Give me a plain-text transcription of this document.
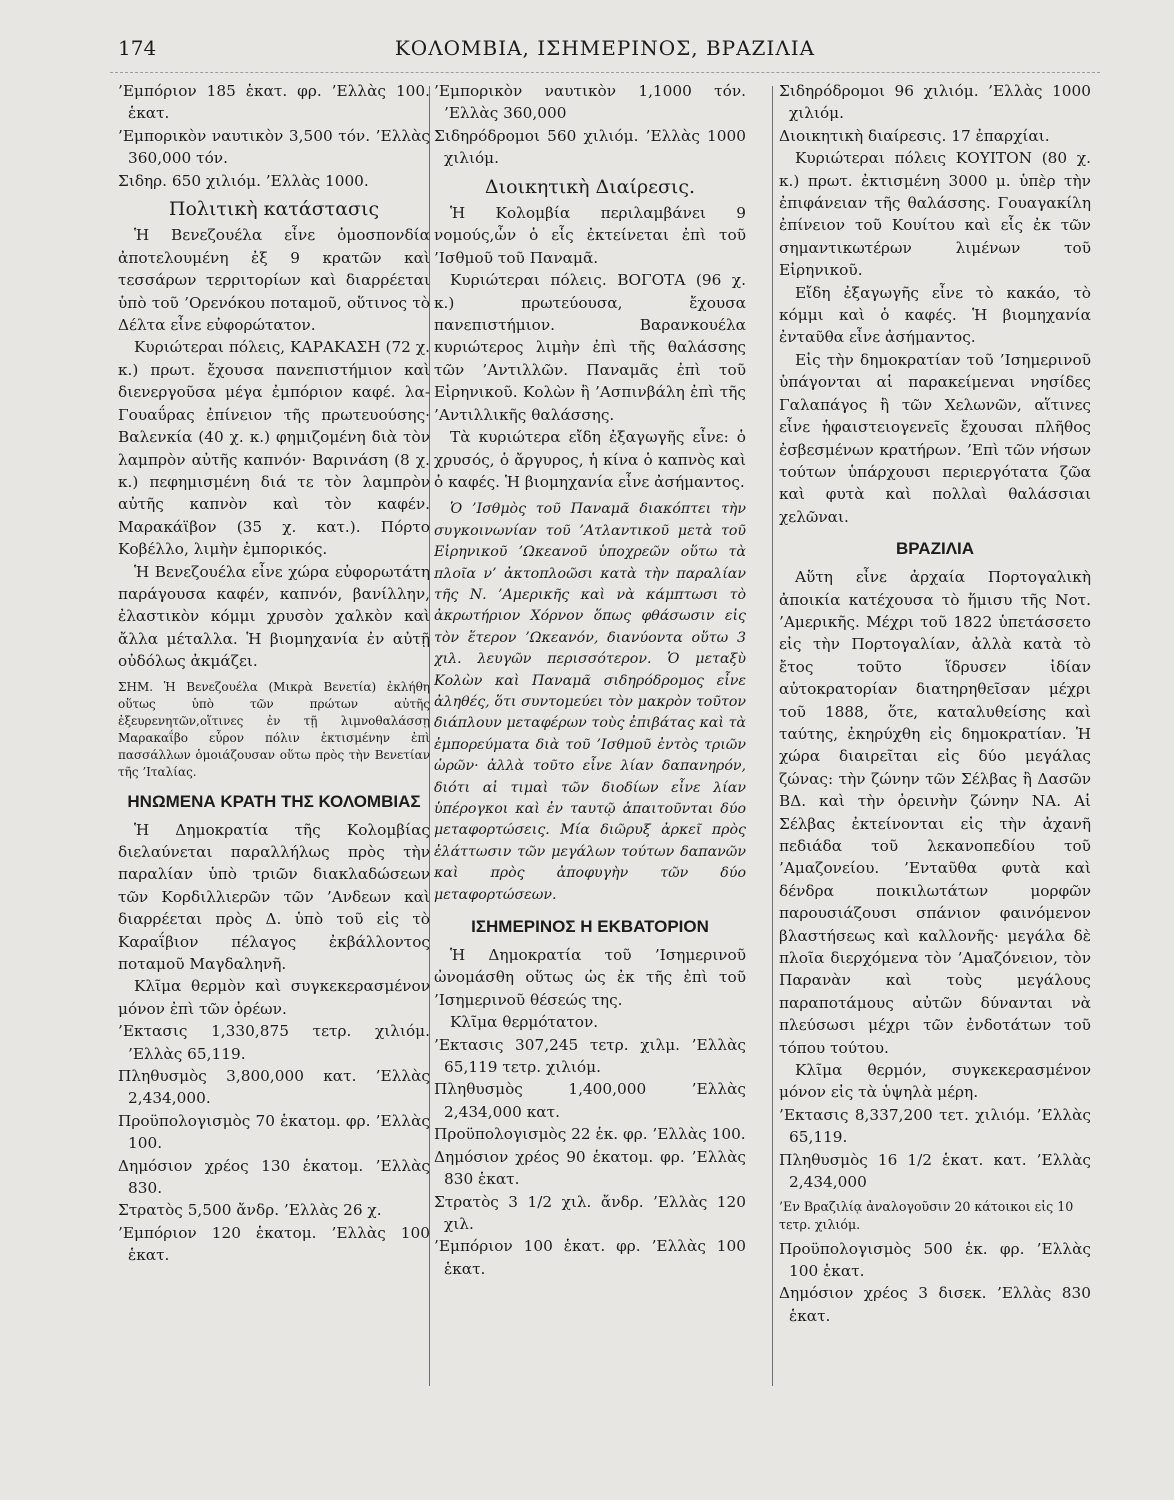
174	ΚΟΛΟΜΒΙΑ, ΙΣΗΜΕΡΙΝΟΣ, ΒΡΑΖΙΛΙΑ

’Εμπόριον 185 ἑκατ. φρ. ’Ελλὰς 100. ἑκατ.

’Εμπορικὸν ναυτικὸν 3,500 τόν. ’Ελλὰς 360,000 τόν.

Σιδηρ. 650 χιλιόμ. ’Ελλὰς 1000.

Πολιτικὴ κατάστασις

Ἡ Βενεζουέλα εἶνε ὁμοσπονδία ἀποτελουμένη ἐξ 9 κρατῶν καὶ τεσσάρων τερριτορίων καὶ διαρρέεται ὑπὸ τοῦ ’Ορενόκου ποταμοῦ, οὕτινος τὸ Δέλτα εἶνε εὐφορώτατον.

Κυριώτεραι πόλεις, ΚΑΡΑΚΑΣΗ (72 χ. κ.) πρωτ. ἔχουσα πανεπιστήμιον καὶ διενεργοῦσα μέγα ἐμπόριον καφέ. λα-Γουαΰρας ἐπίνειον τῆς πρωτευούσης· Βαλενκία (40 χ. κ.) φημιζομένη διὰ τὸν λαμπρὸν αὐτῆς καπνόν· Βαρινάση (8 χ. κ.) πεφημισμένη διά τε τὸν λαμπρὸν αὐτῆς καπνὸν καὶ τὸν καφέν. Μαρακάϊβον (35 χ. κατ.). Πόρτο Κοβέλλο, λιμὴν ἐμπορικός.

Ἡ Βενεζουέλα εἶνε χώρα εὐφορωτάτη παράγουσα καφέν, καπνόν, βανίλλην, ἐλαστικὸν κόμμι χρυσὸν χαλκὸν καὶ ἄλλα μέταλλα. Ἡ βιομηχανία ἐν αὐτῇ οὐδόλως ἀκμάζει.

ΣΗΜ. Ἡ Βενεζουέλα (Μικρὰ Βενετία) ἐκλήθη οὕτως ὑπὸ τῶν πρώτων αὐτῆς ἐξευρενητῶν,οἵτινες ἐν τῇ λιμνοθαλάσσῃ Μαρακαΐβο εὗρον πόλιν ἐκτισμένην ἐπὶ πασσάλλων ὁμοιάζουσαν οὕτω πρὸς τὴν Βενετίαν τῆς ’Ιταλίας.
ΗΝΩΜΕΝΑ ΚΡΑΤΗ ΤΗΣ ΚΟΛΟΜΒΙΑΣ

Ἡ Δημοκρατία τῆς Κολομβίας διελαύνεται παραλλήλως πρὸς τὴν παραλίαν ὑπὸ τριῶν διακλαδώσεων τῶν Κορδιλλιερῶν τῶν ’Ανδεων καὶ διαρρέεται πρὸς Δ. ὑπὸ τοῦ εἰς τὸ Καραΐβιον πέλαγος ἐκβάλλοντος ποταμοῦ Μαγδαληνῆ.

Κλῖμα θερμὸν καὶ συγκεκερασμένον μόνον ἐπὶ τῶν ὀρέων.

’Εκτασις 1,330,875 τετρ. χιλιόμ. ’Ελλὰς 65,119.

Πληθυσμὸς 3,800,000 κατ. ’Ελλὰς 2,434,000.

Προϋπολογισμὸς 70 ἑκατομ. φρ. ’Ελλὰς 100.

Δημόσιον χρέος 130 ἑκατομ. ’Ελλὰς 830.

Στρατὸς 5,500 ἄνδρ. ’Ελλὰς 26 χ.

’Εμπόριον 120 ἑκατομ. ’Ελλὰς 100 ἑκατ.

’Εμπορικὸν ναυτικὸν 1,1000 τόν. ’Ελλὰς 360,000

Σιδηρόδρομοι 560 χιλιόμ. ’Ελλὰς 1000 χιλιόμ.

Διοικητικὴ Διαίρεσις.

Ἡ Κολομβία περιλαμβάνει 9 νομούς,ὧν ὁ εἷς ἐκτείνεται ἐπὶ τοῦ ’Ισθμοῦ τοῦ Παναμᾶ.

Κυριώτεραι πόλεις. ΒΟΓΟΤΑ (96 χ. κ.) πρωτεύουσα, ἔχουσα πανεπιστήμιον. Βαρανκουέλα κυριώτερος λιμὴν ἐπὶ τῆς θαλάσσης τῶν ’Αντιλλῶν. Παναμᾶς ἐπὶ τοῦ Εἰρηνικοῦ. Κολὼν ἢ ’Ασπινβάλη ἐπὶ τῆς ’Αντιλλικῆς θαλάσσης.

Τὰ κυριώτερα εἴδη ἐξαγωγῆς εἶνε: ὁ χρυσός, ὁ ἄργυρος, ἡ κίνα ὁ καπνὸς καὶ ὁ καφές. Ἡ βιομηχανία εἶνε ἀσήμαντος.

Ὁ ’Ισθμὸς τοῦ Παναμᾶ διακόπτει τὴν συγκοινωνίαν τοῦ ’Ατλαντικοῦ μετὰ τοῦ Εἰρηνικοῦ ’Ωκεανοῦ ὑποχρεῶν οὕτω τὰ πλοῖα ν’ ἀκτοπλοῶσι κατὰ τὴν παραλίαν τῆς Ν. ’Αμερικῆς καὶ νὰ κάμπτωσι τὸ ἀκρωτήριον Χόρνον ὅπως φθάσωσιν εἰς τὸν ἕτερον ’Ωκεανόν, διανύοντα οὕτω 3 χιλ. λευγῶν περισσότερον. Ὁ μεταξὺ Κολὼν καὶ Παναμᾶ σιδηρόδρομος εἶνε ἀληθές, ὅτι συντομεύει τὸν μακρὸν τοῦτον διάπλουν μεταφέρων τοὺς ἐπιβάτας καὶ τὰ ἐμπορεύματα διὰ τοῦ ’Ισθμοῦ ἐντὸς τριῶν ὡρῶν· ἀλλὰ τοῦτο εἶνε λίαν δαπανηρόν, διότι αἱ τιμαὶ τῶν διοδίων εἶνε λίαν ὑπέρογκοι καὶ ἐν ταυτῷ ἀπαιτοῦνται δύο μεταφορτώσεις. Μία διῶρυξ ἀρκεῖ πρὸς ἐλάττωσιν τῶν μεγάλων τούτων δαπανῶν καὶ πρὸς ἀποφυγὴν τῶν δύο μεταφορτώσεων.

ΙΣΗΜΕΡΙΝΟΣ Η ΕΚΒΑΤΟΡΙΟΝ

Ἡ Δημοκρατία τοῦ ’Ισημερινοῦ ὠνομάσθη οὕτως ὡς ἐκ τῆς ἐπὶ τοῦ ’Ισημερινοῦ θέσεώς της.

Κλῖμα θερμότατον.

’Εκτασις 307,245 τετρ. χιλμ. ’Ελλὰς 65,119 τετρ. χιλιόμ.

Πληθυσμὸς 1,400,000 ’Ελλὰς 2,434,000 κατ.

Προϋπολογισμὸς 22 ἑκ. φρ. ’Ελλὰς 100.

Δημόσιον χρέος 90 ἑκατομ. φρ. ’Ελλὰς 830 ἑκατ.

Στρατὸς 3 1/2 χιλ. ἄνδρ. ’Ελλὰς 120 χιλ.

’Εμπόριον 100 ἑκατ. φρ. ’Ελλὰς 100 ἑκατ.

Σιδηρόδρομοι 96 χιλιόμ. ’Ελλὰς 1000 χιλιόμ.

Διοικητικὴ διαίρεσις. 17 ἐπαρχίαι.

Κυριώτεραι πόλεις ΚΟΥΙΤΟΝ (80 χ. κ.) πρωτ. ἐκτισμένη 3000 μ. ὑπὲρ τὴν ἐπιφάνειαν τῆς θαλάσσης. Γουαγακίλη ἐπίνειον τοῦ Κουίτου καὶ εἷς ἐκ τῶν σημαντικωτέρων λιμένων τοῦ Εἰρηνικοῦ.

Εἴδη ἐξαγωγῆς εἶνε τὸ κακάο, τὸ κόμμι καὶ ὁ καφές. Ἡ βιομηχανία ἐνταῦθα εἶνε ἀσήμαντος.

Εἰς τὴν δημοκρατίαν τοῦ ’Ισημερινοῦ ὑπάγονται αἱ παρακείμεναι νησίδες Γαλαπάγος ἢ τῶν Χελωνῶν, αἵτινες εἶνε ἡφαιστειογενεῖς ἔχουσαι πλῆθος ἐσβεσμένων κρατήρων. ’Επὶ τῶν νήσων τούτων ὑπάρχουσι περιεργότατα ζῶα καὶ φυτὰ καὶ πολλαὶ θαλάσσιαι χελῶναι.

ΒΡΑΖΙΛΙΑ

Αὕτη εἶνε ἀρχαία Πορτογαλικὴ ἀποικία κατέχουσα τὸ ἥμισυ τῆς Νοτ. ’Αμερικῆς. Μέχρι τοῦ 1822 ὑπετάσσετο εἰς τὴν Πορτογαλίαν, ἀλλὰ κατὰ τὸ ἔτος τοῦτο ἵδρυσεν ἰδίαν αὐτοκρατορίαν διατηρηθεῖσαν μέχρι τοῦ 1888, ὅτε, καταλυθείσης καὶ ταύτης, ἐκηρύχθη εἰς δημοκρατίαν. Ἡ χώρα διαιρεῖται εἰς δύο μεγάλας ζώνας: τὴν ζώνην τῶν Σέλβας ἢ Δασῶν ΒΔ. καὶ τὴν ὀρεινὴν ζώνην ΝΑ. Αἱ Σέλβας ἐκτείνονται εἰς τὴν ἀχανῆ πεδιάδα τοῦ λεκανοπεδίου τοῦ ’Αμαζονείου. ’Ενταῦθα φυτὰ καὶ δένδρα ποικιλωτάτων μορφῶν παρουσιάζουσι σπάνιον φαινόμενον βλαστήσεως καὶ καλλονῆς· μεγάλα δὲ πλοῖα διερχόμενα τὸν ’Αμαζόνειον, τὸν Παρανὰν καὶ τοὺς μεγάλους παραποτάμους αὐτῶν δύνανται νὰ πλεύσωσι μέχρι τῶν ἐνδοτάτων τοῦ τόπου τούτου.

Κλῖμα θερμόν, συγκεκερασμένον μόνον εἰς τὰ ὑψηλὰ μέρη.

’Εκτασις 8,337,200 τετ. χιλιόμ. ’Ελλὰς 65,119.

Πληθυσμὸς 16 1/2 ἑκατ. κατ. ’Ελλὰς 2,434,000

’Εν Βραζιλίᾳ ἀναλογοῦσιν 20 κάτοικοι εἰς 10 τετρ. χιλιόμ.

Προϋπολογισμὸς 500 ἑκ. φρ. ’Ελλὰς 100 ἑκατ.

Δημόσιον χρέος 3 δισεκ. ’Ελλὰς 830 ἑκατ.
